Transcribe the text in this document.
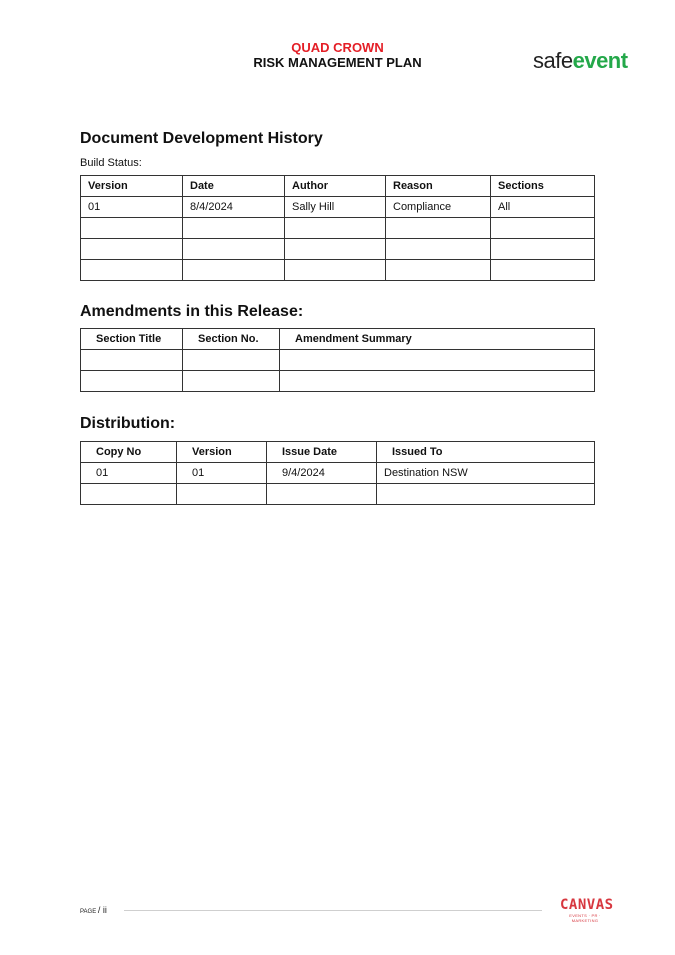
QUAD CROWN
RISK MANAGEMENT PLAN	safeevent
Document Development History
Build Status:
Version	Date	Author	Reason	Sections
01	8/4/2024	Sally Hill	Compliance	All

Amendments in this Release:
Section Title	Section No.	Amendment Summary

Distribution:
Copy No	Version	Issue Date	Issued To
01	01	9/4/2024	Destination NSW

PAGE / ii	CANVAS
EVENTS · PR · MARKETING
